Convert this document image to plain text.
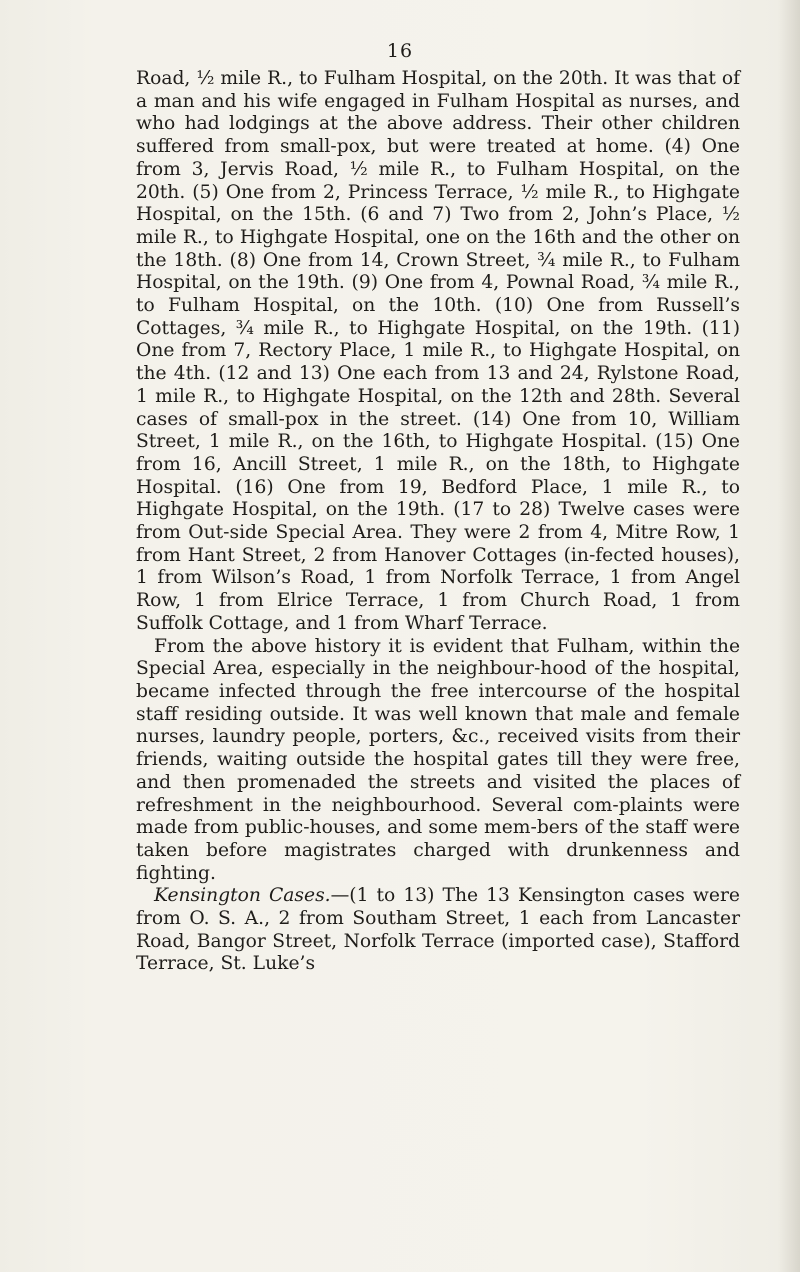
16

Road, ½ mile R., to Fulham Hospital, on the 20th. It was that of a man and his wife engaged in Fulham Hospital as nurses, and who had lodgings at the above address. Their other children suffered from small-pox, but were treated at home. (4) One from 3, Jervis Road, ½ mile R., to Fulham Hospital, on the 20th. (5) One from 2, Princess Terrace, ½ mile R., to Highgate Hospital, on the 15th. (6 and 7) Two from 2, John’s Place, ½ mile R., to Highgate Hospital, one on the 16th and the other on the 18th. (8) One from 14, Crown Street, ¾ mile R., to Fulham Hospital, on the 19th. (9) One from 4, Pownal Road, ¾ mile R., to Fulham Hospital, on the 10th. (10) One from Russell’s Cottages, ¾ mile R., to Highgate Hospital, on the 19th. (11) One from 7, Rectory Place, 1 mile R., to Highgate Hospital, on the 4th. (12 and 13) One each from 13 and 24, Rylstone Road, 1 mile R., to Highgate Hospital, on the 12th and 28th. Several cases of small-pox in the street. (14) One from 10, William Street, 1 mile R., on the 16th, to Highgate Hospital. (15) One from 16, Ancill Street, 1 mile R., on the 18th, to Highgate Hospital. (16) One from 19, Bedford Place, 1 mile R., to Highgate Hospital, on the 19th. (17 to 28) Twelve cases were from Out-side Special Area. They were 2 from 4, Mitre Row, 1 from Hant Street, 2 from Hanover Cottages (in-fected houses), 1 from Wilson’s Road, 1 from Norfolk Terrace, 1 from Angel Row, 1 from Elrice Terrace, 1 from Church Road, 1 from Suffolk Cottage, and 1 from Wharf Terrace.

From the above history it is evident that Fulham, within the Special Area, especially in the neighbour-hood of the hospital, became infected through the free intercourse of the hospital staff residing outside. It was well known that male and female nurses, laundry people, porters, &c., received visits from their friends, waiting outside the hospital gates till they were free, and then promenaded the streets and visited the places of refreshment in the neighbourhood. Several com-plaints were made from public-houses, and some mem-bers of the staff were taken before magistrates charged with drunkenness and fighting.

Kensington Cases.—(1 to 13) The 13 Kensington cases were from O. S. A., 2 from Southam Street, 1 each from Lancaster Road, Bangor Street, Norfolk Terrace (imported case), Stafford Terrace, St. Luke’s
